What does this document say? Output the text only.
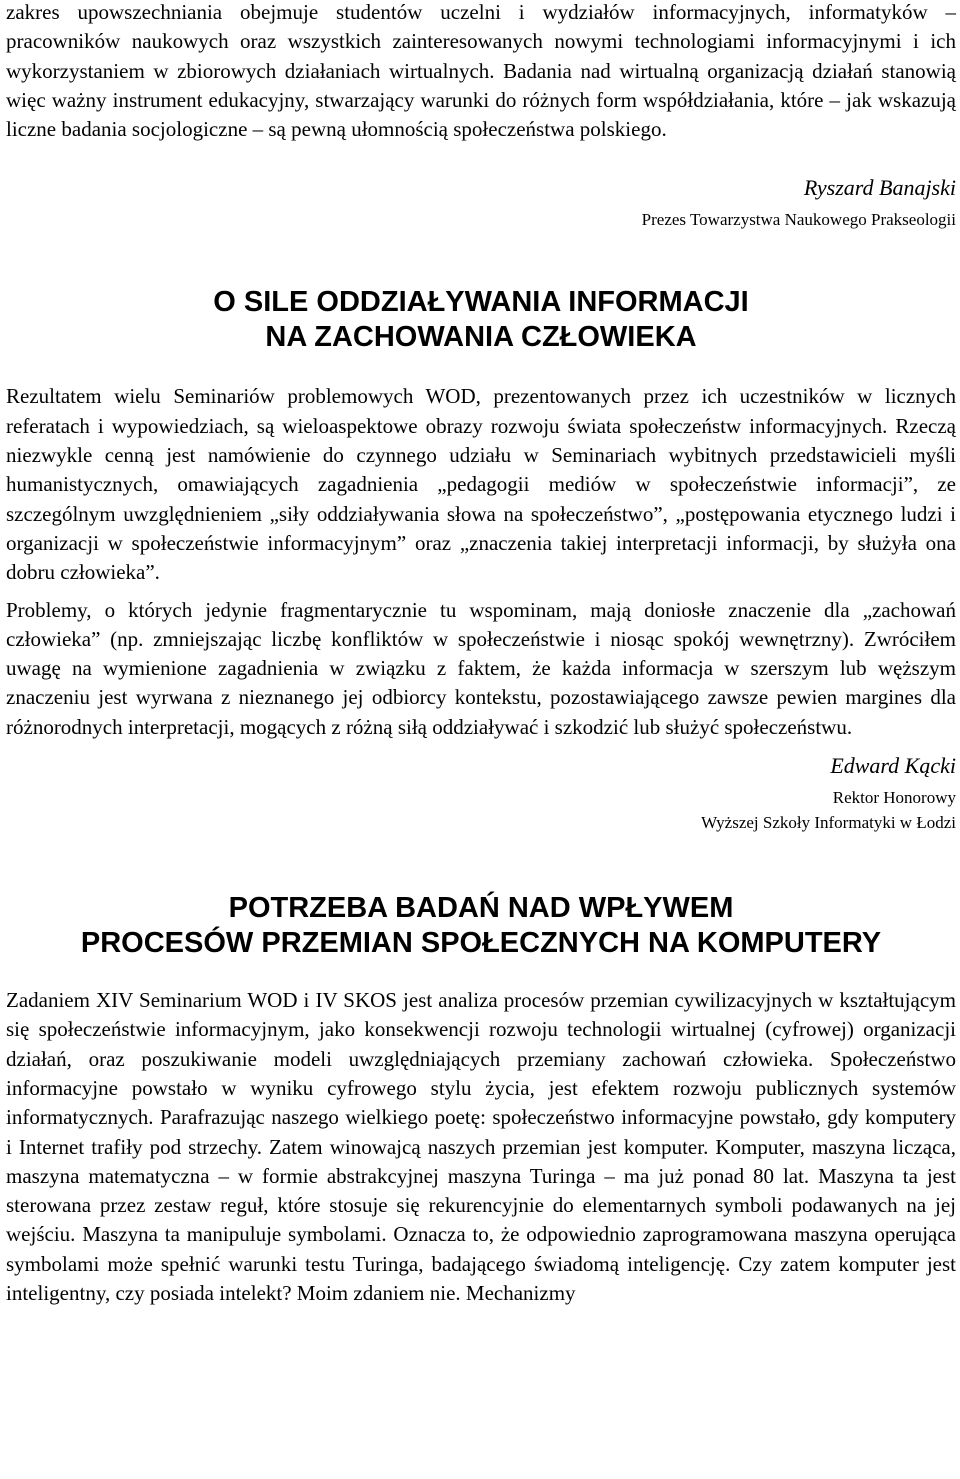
zakres upowszechniania obejmuje studentów uczelni i wydziałów informacyjnych, informatyków – pracowników naukowych oraz wszystkich zainteresowanych nowymi technologiami informacyjnymi i ich wykorzystaniem w zbiorowych działaniach wirtualnych. Badania nad wirtualną organizacją działań stanowią więc ważny instrument edukacyjny, stwarzający warunki do różnych form współdziałania, które – jak wskazują liczne badania socjologiczne – są pewną ułomnością społeczeństwa polskiego.

Ryszard Banajski

Prezes Towarzystwa Naukowego Prakseologii

O SILE ODDZIAŁYWANIA INFORMACJI
NA ZACHOWANIA CZŁOWIEKA

Rezultatem wielu Seminariów problemowych WOD, prezentowanych przez ich uczestników w licznych referatach i wypowiedziach, są wieloaspektowe obrazy rozwoju świata społeczeństw informacyjnych. Rzeczą niezwykle cenną jest namówienie do czynnego udziału w Seminariach wybitnych przedstawicieli myśli humanistycznych, omawiających zagadnienia „pedagogii mediów w społeczeństwie informacji”, ze szczególnym uwzględnieniem „siły oddziaływania słowa na społeczeństwo”, „postępowania etycznego ludzi i organizacji w społeczeństwie informacyjnym” oraz „znaczenia takiej interpretacji informacji, by służyła ona dobru człowieka”.

Problemy, o których jedynie fragmentarycznie tu wspominam, mają doniosłe znaczenie dla „zachowań człowieka” (np. zmniejszając liczbę konfliktów w społeczeństwie i niosąc spokój wewnętrzny). Zwróciłem uwagę na wymienione zagadnienia w związku z faktem, że każda informacja w szerszym lub węższym znaczeniu jest wyrwana z nieznanego jej odbiorcy kontekstu, pozostawiającego zawsze pewien margines dla różnorodnych interpretacji, mogących z różną siłą oddziaływać i szkodzić lub służyć społeczeństwu.

Edward Kącki

Rektor Honorowy

Wyższej Szkoły Informatyki w Łodzi

POTRZEBA BADAŃ NAD WPŁYWEM
PROCESÓW PRZEMIAN SPOŁECZNYCH NA KOMPUTERY

Zadaniem XIV Seminarium WOD i IV SKOS jest analiza procesów przemian cywilizacyjnych w kształtującym się społeczeństwie informacyjnym, jako konsekwencji rozwoju technologii wirtualnej (cyfrowej) organizacji działań, oraz poszukiwanie modeli uwzględniających przemiany zachowań człowieka. Społeczeństwo informacyjne powstało w wyniku cyfrowego stylu życia, jest efektem rozwoju publicznych systemów informatycznych. Parafrazując naszego wielkiego poetę: społeczeństwo informacyjne powstało, gdy komputery i Internet trafiły pod strzechy. Zatem winowajcą naszych przemian jest komputer. Komputer, maszyna licząca, maszyna matematyczna – w formie abstrakcyjnej maszyna Turinga – ma już ponad 80 lat. Maszyna ta jest sterowana przez zestaw reguł, które stosuje się rekurencyjnie do elementarnych symboli podawanych na jej wejściu. Maszyna ta manipuluje symbolami. Oznacza to, że odpowiednio zaprogramowana maszyna operująca symbolami może spełnić warunki testu Turinga, badającego świadomą inteligencję. Czy zatem komputer jest inteligentny, czy posiada intelekt? Moim zdaniem nie. Mechanizmy
